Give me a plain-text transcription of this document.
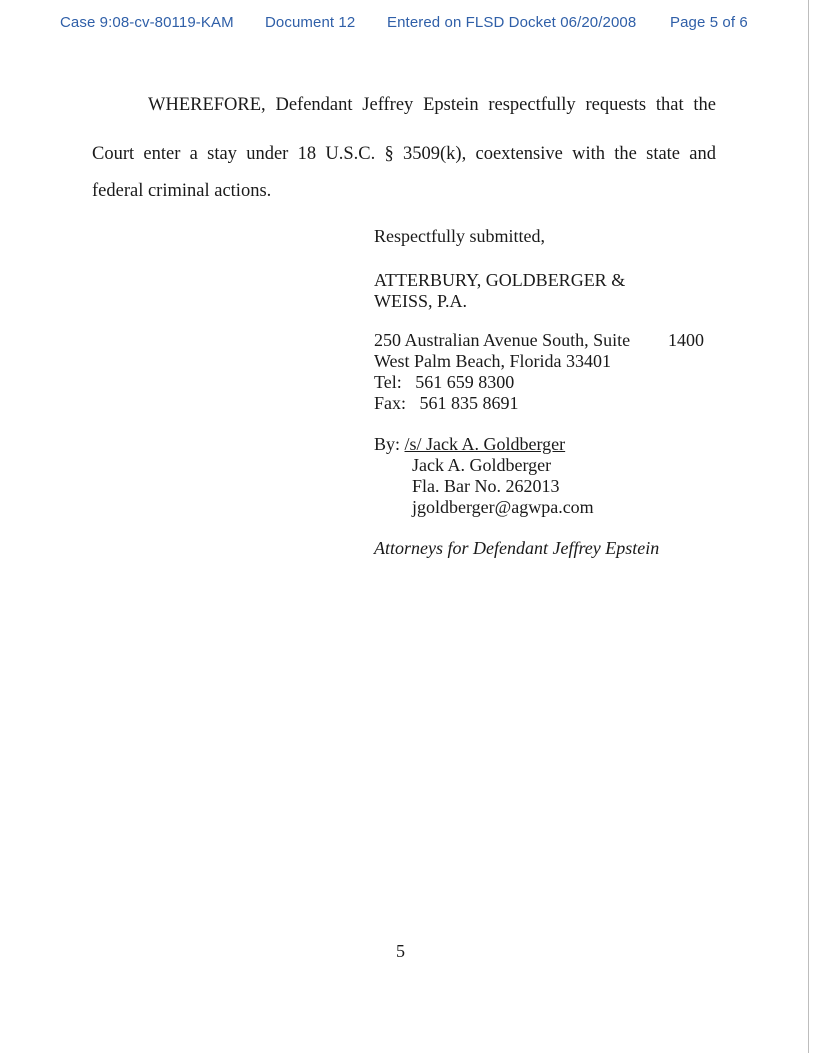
Case 9:08-cv-80119-KAM Document 12 Entered on FLSD Docket 06/20/2008 Page 5 of 6
WHEREFORE, Defendant Jeffrey Epstein respectfully requests that the
Court enter a stay under 18 U.S.C. § 3509(k), coextensive with the state and
federal criminal actions.
Respectfully submitted,
ATTERBURY, GOLDBERGER &
WEISS, P.A.
250 Australian Avenue South, Suite 1400
West Palm Beach, Florida 33401
Tel: 561 659 8300
Fax: 561 835 8691
By: /s/ Jack A. Goldberger
Jack A. Goldberger
Fla. Bar No. 262013
jgoldberger@agwpa.com
Attorneys for Defendant Jeffrey Epstein
5
